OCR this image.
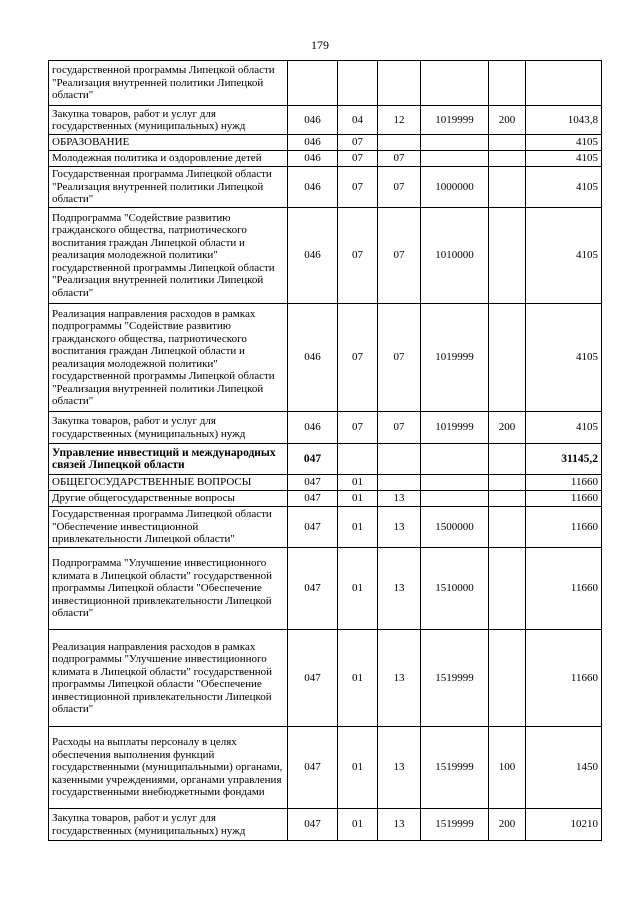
179
государственной программы Липецкой области "Реализация внутренней политики Липецкой области"						
Закупка товаров, работ и услуг для государственных (муниципальных) нужд	046	04	12	1019999	200	1043,8
ОБРАЗОВАНИЕ	046	07				4105
Молодежная политика и оздоровление детей	046	07	07			4105
Государственная программа Липецкой области "Реализация внутренней политики Липецкой области"	046	07	07	1000000		4105
Подпрограмма "Содействие развитию гражданского общества, патриотического воспитания граждан Липецкой области и реализация молодежной политики" государственной программы Липецкой области "Реализация внутренней политики Липецкой области"	046	07	07	1010000		4105
Реализация направления расходов в рамках подпрограммы "Содействие развитию гражданского общества, патриотического воспитания граждан Липецкой области и реализация молодежной политики" государственной программы Липецкой области "Реализация внутренней политики Липецкой области"	046	07	07	1019999		4105
Закупка товаров, работ и услуг для государственных (муниципальных) нужд	046	07	07	1019999	200	4105
Управление инвестиций и международных связей Липецкой области	047					31145,2
ОБЩЕГОСУДАРСТВЕННЫЕ ВОПРОСЫ	047	01				11660
Другие общегосударственные вопросы	047	01	13			11660
Государственная программа Липецкой области "Обеспечение инвестиционной привлекательности Липецкой области"	047	01	13	1500000		11660
Подпрограмма "Улучшение инвестиционного климата в Липецкой области" государственной программы Липецкой области "Обеспечение инвестиционной привлекательности Липецкой области"	047	01	13	1510000		11660
Реализация направления расходов в рамках подпрограммы "Улучшение инвестиционного климата в Липецкой области" государственной программы Липецкой области "Обеспечение инвестиционной привлекательности Липецкой области"	047	01	13	1519999		11660
Расходы на выплаты персоналу в целях обеспечения выполнения функций государственными (муниципальными) органами, казенными учреждениями, органами управления государственными внебюджетными фондами	047	01	13	1519999	100	1450
Закупка товаров, работ и услуг для государственных (муниципальных) нужд	047	01	13	1519999	200	10210
